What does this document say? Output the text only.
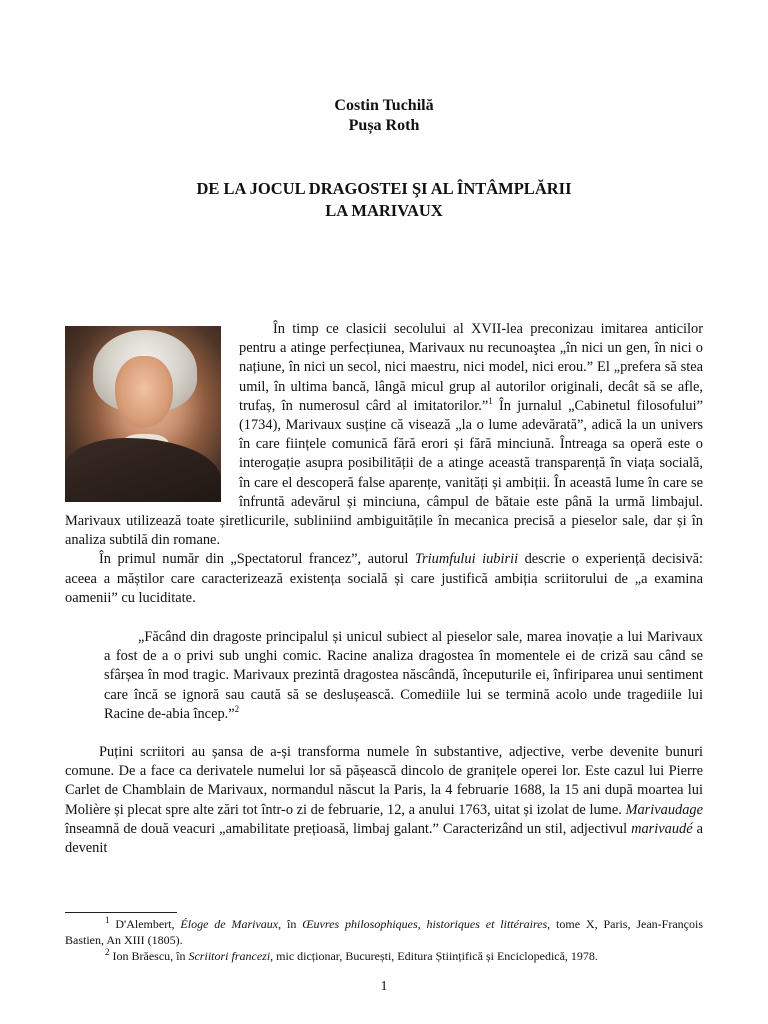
Costin Tuchilă
Pușa Roth
DE LA JOCUL DRAGOSTEI ŞI AL ÎNTÂMPLĂRII
LA MARIVAUX

În timp ce clasicii secolului al XVII-lea preconizau imitarea anticilor pentru a atinge perfecțiunea, Marivaux nu recunoaştea „în nici un gen, în nici o națiune, în nici un secol, nici maestru, nici model, nici erou.” El „prefera să stea umil, în ultima bancă, lângă micul grup al autorilor originali, decât să se afle, trufaș, în numerosul cârd al imitatorilor.”$^1$ În jurnalul „Cabinetul filosofului” (1734), Marivaux susține că visează „la o lume adevărată”, adică la un univers în care ființele comunică fără erori și fără minciună. Întreaga sa operă este o interogație asupra posibilității de a atinge această transparență în viața socială, în care el descoperă false aparențe, vanități și ambiții. În această lume în care se înfruntă adevărul și minciuna, câmpul de bătaie este până la urmă limbajul. Marivaux utilizează toate șiretlicurile, subliniind ambiguitățile în mecanica precisă a pieselor sale, dar și în analiza subtilă din romane.

În primul număr din „Spectatorul francez”, autorul Triumfului iubirii descrie o experiență decisivă: aceea a măștilor care caracterizează existența socială și care justifică ambiția scriitorului de „a examina oamenii” cu luciditate.

„Făcând din dragoste principalul și unicul subiect al pieselor sale, marea inovație a lui Marivaux a fost de a o privi sub unghi comic. Racine analiza dragostea în momentele ei de criză sau când se sfârșea în mod tragic. Marivaux prezintă dragostea născândă, începuturile ei, înfiriparea unui sentiment care încă se ignoră sau caută să se deslușească. Comediile lui se termină acolo unde tragediile lui Racine de-abia încep.”$^2$

Puțini scriitori au șansa de a-și transforma numele în substantive, adjective, verbe devenite bunuri comune. De a face ca derivatele numelui lor să pășească dincolo de granițele operei lor. Este cazul lui Pierre Carlet de Chamblain de Marivaux, normandul născut la Paris, la 4 februarie 1688, la 15 ani după moartea lui Molière și plecat spre alte zări tot într-o zi de februarie, 12, a anului 1763, uitat și izolat de lume. Marivaudage înseamnă de două veacuri „amabilitate prețioasă, limbaj galant.” Caracterizând un stil, adjectivul marivaudé a devenit

$^1$ D'Alembert, Éloge de Marivaux, în Œuvres philosophiques, historiques et littéraires, tome X, Paris, Jean-François Bastien, An XIII (1805).

$^2$ Ion Brăescu, în Scriitori francezi, mic dicționar, București, Editura Științifică și Enciclopedică, 1978.

1
